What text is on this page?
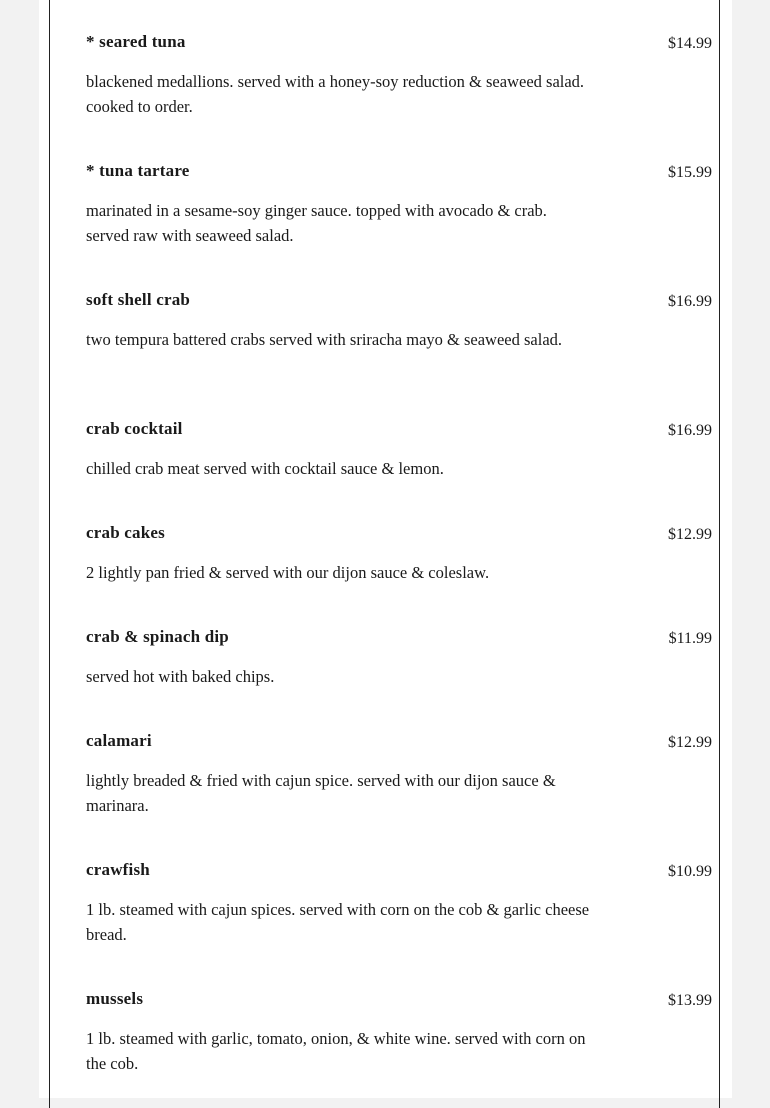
* seared tuna	$14.99
blackened medallions. served with a honey-soy reduction & seaweed salad. cooked to order.
* tuna tartare	$15.99
marinated in a sesame-soy ginger sauce. topped with avocado & crab. served raw with seaweed salad.
soft shell crab	$16.99
two tempura battered crabs served with sriracha mayo & seaweed salad.
crab cocktail	$16.99
chilled crab meat served with cocktail sauce & lemon.
crab cakes	$12.99
2 lightly pan fried & served with our dijon sauce & coleslaw.
crab & spinach dip	$11.99
served hot with baked chips.
calamari	$12.99
lightly breaded & fried with cajun spice. served with our dijon sauce & marinara.
crawfish	$10.99
1 lb. steamed with cajun spices. served with corn on the cob & garlic cheese bread.
mussels	$13.99
1 lb. steamed with garlic, tomato, onion, & white wine. served with corn on the cob.
